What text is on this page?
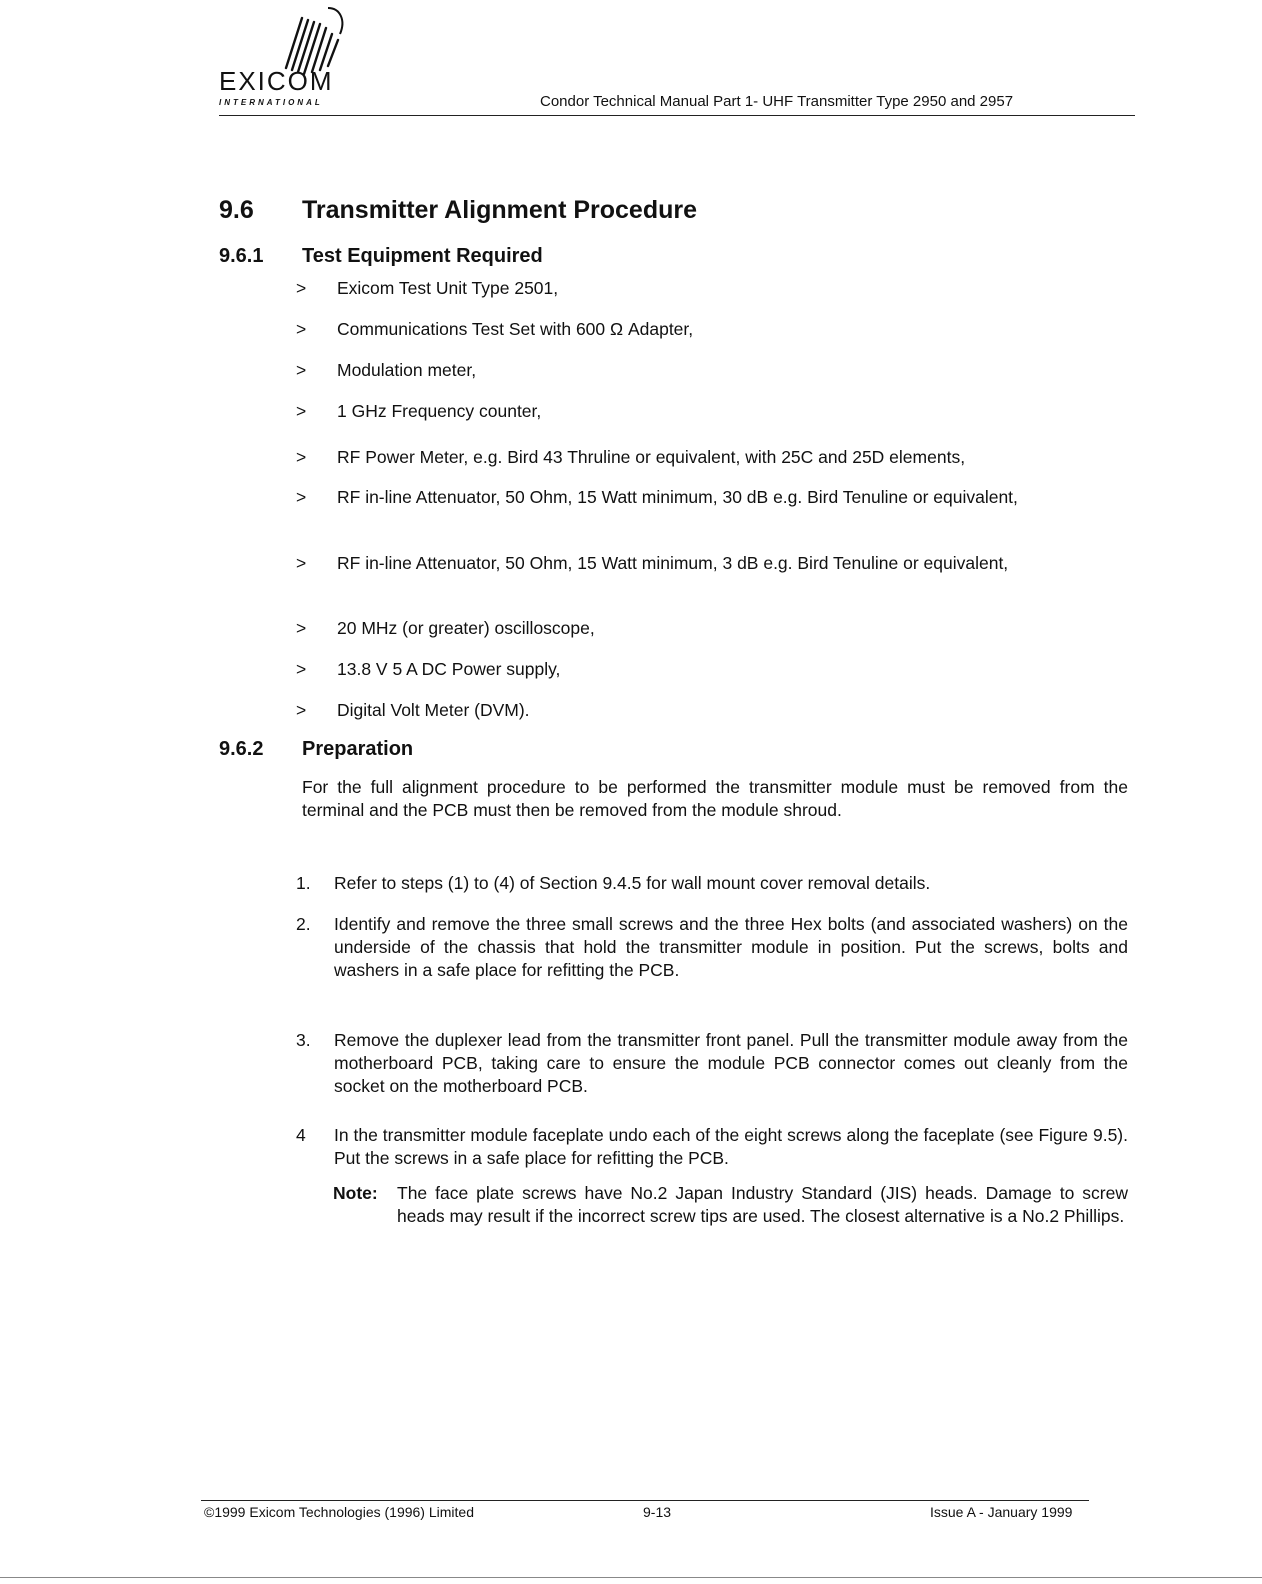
EXICOM
INTERNATIONAL	Condor Technical Manual Part 1- UHF Transmitter Type 2950 and 2957
9.6 Transmitter Alignment Procedure
9.6.1 Test Equipment Required
> Exicom Test Unit Type 2501,
> Communications Test Set with 600 Ω Adapter,
> Modulation meter,
> 1 GHz Frequency counter,
> RF Power Meter, e.g. Bird 43 Thruline or equivalent, with 25C and 25D elements,
> RF in-line Attenuator, 50 Ohm, 15 Watt minimum, 30 dB e.g. Bird Tenuline or equivalent,
> RF in-line Attenuator, 50 Ohm, 15 Watt minimum, 3 dB e.g. Bird Tenuline or equivalent,
> 20 MHz (or greater) oscilloscope,
> 13.8 V 5 A DC Power supply,
> Digital Volt Meter (DVM).
9.6.2 Preparation
For the full alignment procedure to be performed the transmitter module must be removed from the terminal and the PCB must then be removed from the module shroud.
1. Refer to steps (1) to (4) of Section 9.4.5 for wall mount cover removal details.
2. Identify and remove the three small screws and the three Hex bolts (and associated washers) on the underside of the chassis that hold the transmitter module in position. Put the screws, bolts and washers in a safe place for refitting the PCB.
3. Remove the duplexer lead from the transmitter front panel. Pull the transmitter module away from the motherboard PCB, taking care to ensure the module PCB connector comes out cleanly from the socket on the motherboard PCB.
4 In the transmitter module faceplate undo each of the eight screws along the faceplate (see Figure 9.5). Put the screws in a safe place for refitting the PCB.
Note: The face plate screws have No.2 Japan Industry Standard (JIS) heads. Damage to screw heads may result if the incorrect screw tips are used. The closest alternative is a No.2 Phillips.
©1999 Exicom Technologies (1996) Limited	9-13	Issue A - January 1999
